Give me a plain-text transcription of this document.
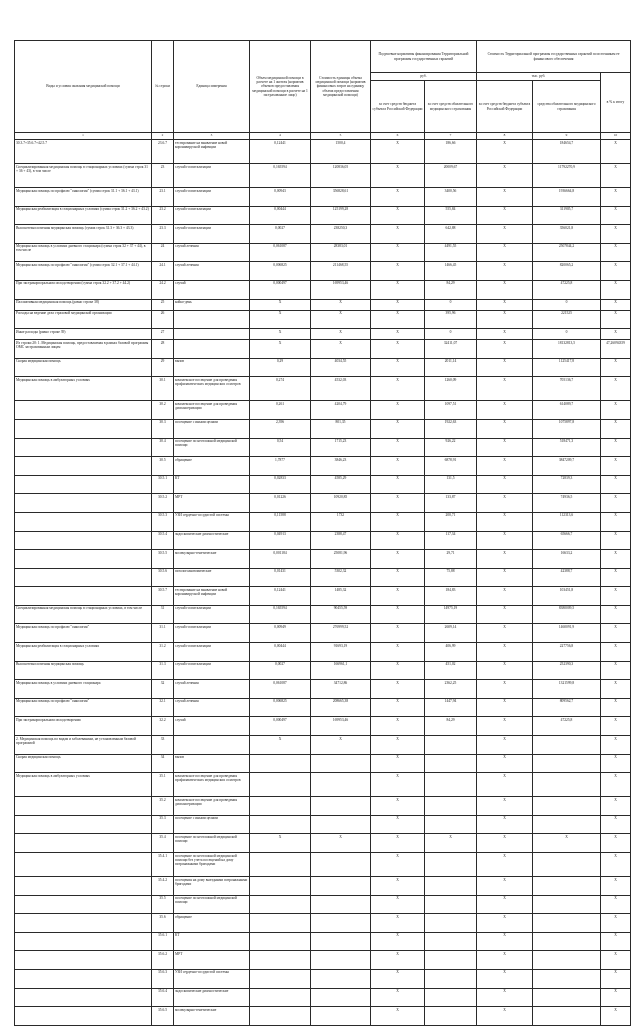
Виды и условия оказания медицинской помощи	№ строки	Единица измерения	Объем медицинской помощи в расчете на 1 жителя (норматив объемов предоставления медицинской помощи в расчете на 1 застрахованное лицо)	Стоимость единицы объема медицинской помощи (норматив финансовых затрат на единицу объема предоставления медицинской помощи)	Подушевые нормативы финансирования Территориальной программы государственных гарантий		Стоимость Территориальной программы государственных гарантий по источникам ее финансового обеспечения		
					руб.		тыс. руб.		в % к итогу
					за счет средств бюджета субъекта Российской Федерации	за счет средств обязательного медицинского страхования	за счет средств бюджета субъекта Российской Федерации	средства обязательного медицинского страхования	
1	2	3	4	5	6	7	8	9	10
30.3.7+35.6.7+42.5.7	23.6.7	тестирование на выявление новой коронавирусной инфекции	0,12441	1500,4	X	186,66	X	184654,7	X
Специализированная медицинская помощь в стационарных условиях (сумма строк 31 + 36 + 43), в том числе	23	случай госпитализации	0,165594	120836,05	X	20009,67	X	11792270,9	X
Медицинская помощь по профилю "онкология" (сумма строк 31.1 + 36.1 + 43.1)	23.1	случай госпитализации	0,00943	356828,61	X	3400,56	X	1936664,8	X
Медицинская реабилитация в стационарных условиях (сумма строк 31.2 + 36.2 + 43.2)	23.2	случай госпитализации	0,00444	125199,28	X	555,84	X	311905,7	X
Высокотехнологичная медицинская помощь (сумма строк 31.3 + 36.3 + 43.3)	23.3	случай госпитализации	0,0027	238250,3	X	642,88	X	356021,8	X
Медицинская помощь в условиях дневного стационара (сумма строк 32 + 37 + 44), в том числе	24	случай лечения	0,061087	28383,01	X	4491,55	X	2507844,2	X
Медицинская помощь по профилю "онкология" (сумма строк 32.1 + 37.1 + 44.1)	24.1	случай лечения	0,006825	211468,55	X	1466,45	X	820065,2	X
При экстракорпоральном оплодотворении (сумма строк 32.2 + 37.2 + 44.2)	24.2	случай	0,000497	169953,46	X	84,29	X	47225,8	X
Паллиативная медицинская помощь (равно строке 38)	25	койко-день	X	X	X	0	X	0	X
Расходы на ведение дела страховой медицинской организации	26		X	X	X	395,96	X	221525	X
Иные расходы (равно строке 39)	27		X	X	X	0	X	0	X
Из строки 20: 1. Медицинская помощь, предоставляемая в рамках базовой программы ОМС застрахованным лицам	28		X	X	X	32411,07	X	18132813,5	47,26094359
Скорая медицинская помощь	29	вызов	0,29	4034,55	X	2011,14	X	1125417,8	X
Медицинская помощь в амбулаторных условиях	30.1	комплексное посещение для проведения профилактических медицинских осмотров	0,274	4532,03	X	1260,09	X	705136,7	X
	30.2	комплексное посещение для проведения диспансеризации	0,261	4204,79	X	1097,51	X	614089,7	X
	30.3	посещение с иными целями	2,396	801,35	X	1922,63	X	1075897,8	X
	30.4	посещение по неотложной медицинской помощи	0,54	1715,23	X	926,22	X	518471,3	X
	30.5	обращение	1,7877	3846,23	X	6878,91	X	3847209,7	X
	30.5.1	КТ	0,02833	4585,29	X	131,5	X	72839,3	X
	30.5.2	МРТ	0,01226	10920,85	X	133,87	X	74936,5	X
	30.5.3	УЗИ сердечно-сосудистой системы	0,11588	1732	X	200,71	X	112313,6	X
	30.5.4	эндоскопические диагностические	0,04913	2388,47	X	117,34	X	65666,7	X
	30.5.5	молекулярно-генетические	0,001184	25081,96	X	29,71	X	16633,2	X
	30.5.6	патологоанатомические	0,01431	5302,32	X	75,88	X	42388,7	X
	30.5.7	тестирование на выявление новой коронавирусной инфекции	0,12441	1485,32	X	184,83	X	103451,8	X
Специализированная медицинская помощь в стационарных условиях, в том числе	31	случай госпитализации	0,165594	90455,59	X	14975,19	X	8380009,5	X
Медицинская помощь по профилю "онкология"	31.1	случай госпитализации	0,00949	276999,52	X	2609,14	X	1460091,9	X
Медицинская реабилитация в стационарных условиях	31.2	случай госпитализации	0,00444	91693,19	X	406,99	X	227756,8	X
Высокотехнологичная медицинская помощь	31.3	случай госпитализации	0,0027	166961,1	X	451,02	X	252390,3	X
Медицинская помощь в условиях дневного стационара	32	случай лечения	0,061087	34712,86	X	2362,25	X	1321599,8	X
Медицинская помощь по профилю "онкология"	32.1	случай лечения	0,006825	208665,38	X	1447,94	X	809562,7	X
При экстракорпоральном оплодотворении	32.2	случай	0,000497	169953,46	X	84,29	X	47225,8	X
2. Медицинская помощь по видам и заболеваниям, не установленным базовой программой	33		X	X	X		X		X
Скорая медицинская помощь	34	вызов			X		X		X
Медицинская помощь в амбулаторных условиях	35.1	комплексное посещение для проведения профилактических медицинских осмотров			X		X		X
	35.2	комплексное посещение для проведения диспансеризации			X		X		X
	35.3	посещение с иными целями			X		X		X
	35.4	посещение по неотложной медицинской помощи	X	X	X	X	X	X	X
	35.4.1	посещение по неотложной медицинской помощи без учета посещений на дому патронажными бригадами			X		X		X
	35.4.2	посещения на дому выездными патронажными бригадами			X		X		X
	35.5	посещение по неотложной медицинской помощи			X		X		X
	35.6	обращение			X		X		X
	35.6.1	КТ			X		X		X
	35.6.2	МРТ			X		X		X
	35.6.3	УЗИ сердечно-сосудистой системы			X		X		X
	35.6.4	эндоскопические диагностические			X		X		X
	35.6.5	молекулярно-генетические			X		X		X
